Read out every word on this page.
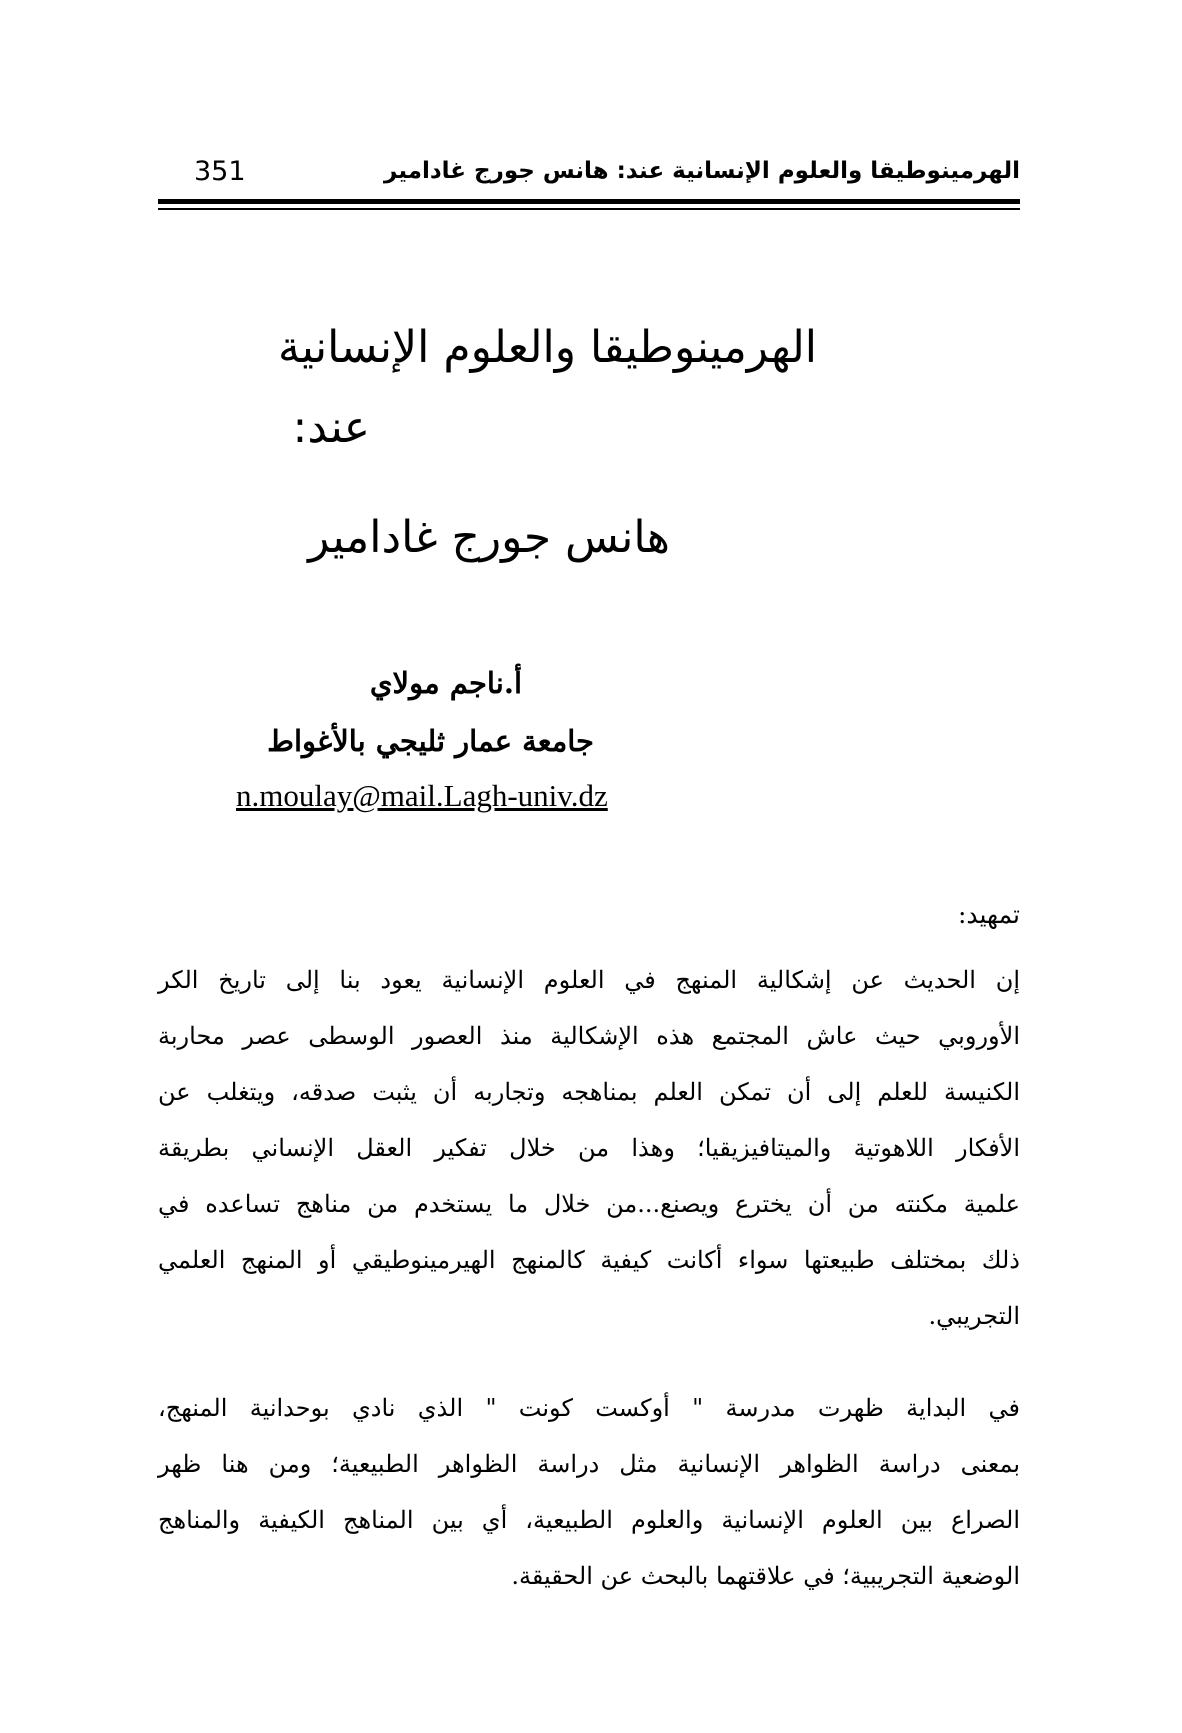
الهرمينوطيقا والعلوم الإنسانية عند: هانس جورج غادامير
351
الهرمينوطيقا والعلوم الإنسانية
عند:
هانس جورج غادامير
أ.ناجم مولاي
جامعة عمار ثليجي بالأغواط
n.moulay@mail.Lagh-univ.dz
تمهيد:
إن الحديث عن إشكالية المنهج في العلوم الإنسانية يعود بنا إلى تاريخ الكر
الأوروبي حيث عاش المجتمع هذه الإشكالية منذ العصور الوسطى عصر محاربة
الكنيسة للعلم إلى أن تمكن العلم بمناهجه وتجاربه أن يثبت صدقه، ويتغلب عن
الأفكار اللاهوتية والميتافيزيقيا؛ وهذا من خلال تفكير العقل الإنساني بطريقة
علمية مكنته من أن يخترع ويصنع...من خلال ما يستخدم من مناهج تساعده في
ذلك بمختلف طبيعتها سواء أكانت كيفية كالمنهج الهيرمينوطيقي أو المنهج العلمي
التجريبي.
في البداية ظهرت مدرسة " أوكست كونت " الذي نادي بوحدانية المنهج،
بمعنى دراسة الظواهر الإنسانية مثل دراسة الظواهر الطبيعية؛ ومن هنا ظهر
الصراع بين العلوم الإنسانية والعلوم الطبيعية، أي بين المناهج الكيفية والمناهج
الوضعية التجريبية؛ في علاقتهما بالبحث عن الحقيقة.
